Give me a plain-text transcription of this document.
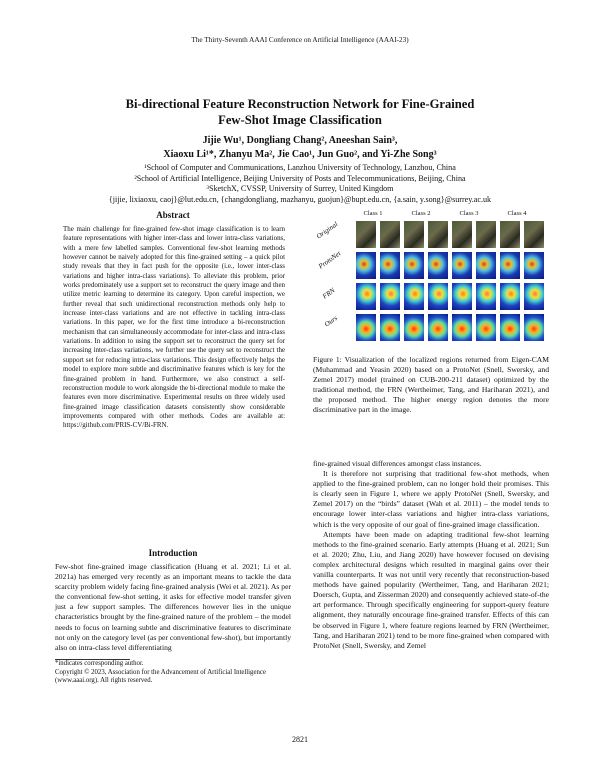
The Thirty-Seventh AAAI Conference on Artificial Intelligence (AAAI-23)
Bi-directional Feature Reconstruction Network for Fine-Grained
Few-Shot Image Classification
Jijie Wu¹, Dongliang Chang², Aneeshan Sain³,
Xiaoxu Li¹*, Zhanyu Ma², Jie Cao¹, Jun Guo², and Yi-Zhe Song³
¹School of Computer and Communications, Lanzhou University of Technology, Lanzhou, China
²School of Artificial Intelligence, Beijing University of Posts and Telecommunications, Beijing, China
³SketchX, CVSSP, University of Surrey, United Kingdom
{jijie, lixiaoxu, caoj}@lut.edu.cn, {changdongliang, mazhanyu, guojun}@bupt.edu.cn, {a.sain, y.song}@surrey.ac.uk
Abstract
The main challenge for fine-grained few-shot image classification is to learn feature representations with higher inter-class and lower intra-class variations, with a mere few labelled samples. Conventional few-shot learning methods however cannot be naively adopted for this fine-grained setting – a quick pilot study reveals that they in fact push for the opposite (i.e., lower inter-class variations and higher intra-class variations). To alleviate this problem, prior works predominately use a support set to reconstruct the query image and then utilize metric learning to determine its category. Upon careful inspection, we further reveal that such unidirectional reconstruction methods only help to increase inter-class variations and are not effective in tackling intra-class variations. In this paper, we for the first time introduce a bi-reconstruction mechanism that can simultaneously accommodate for inter-class and intra-class variations. In addition to using the support set to reconstruct the query set for increasing inter-class variations, we further use the query set to reconstruct the support set for reducing intra-class variations. This design effectively helps the model to explore more subtle and discriminative features which is key for the fine-grained problem in hand. Furthermore, we also construct a self-reconstruction module to work alongside the bi-directional module to make the features even more discriminative. Experimental results on three widely used fine-grained image classification datasets consistently show considerable improvements compared with other methods. Codes are available at: https://github.com/PRIS-CV/Bi-FRN.
Introduction

Few-shot fine-grained image classification (Huang et al. 2021; Li et al. 2021a) has emerged very recently as an important means to tackle the data scarcity problem widely facing fine-grained analysis (Wei et al. 2021). As per the conventional few-shot setting, it asks for effective model transfer given just a few support samples. The differences however lies in the unique characteristics brought by the fine-grained nature of the problem – the model needs to focus on learning subtle and discriminative features to discriminate not only on the category level (as per conventional few-shot), but importantly also on intra-class level differentiating

*indicates corresponding author.

Copyright © 2023, Association for the Advancement of Artificial Intelligence (www.aaai.org). All rights reserved.

Class 1	Class 2	Class 3	Class 4
Original
ProtoNet
FRN
Ours
Figure 1: Visualization of the localized regions returned from Eigen-CAM (Muhammad and Yeasin 2020) based on a ProtoNet (Snell, Swersky, and Zemel 2017) model (trained on CUB-200-211 dataset) optimized by the traditional method, the FRN (Wertheimer, Tang, and Hariharan 2021), and the proposed method. The higher energy region denotes the more discriminative part in the image.

fine-grained visual differences amongst class instances.

It is therefore not surprising that traditional few-shot methods, when applied to the fine-grained problem, can no longer hold their promises. This is clearly seen in Figure 1, where we apply ProtoNet (Snell, Swersky, and Zemel 2017) on the “birds” dataset (Wah et al. 2011) – the model tends to encourage lower inter-class variations and higher intra-class variations, which is the very opposite of our goal of fine-grained image classification.

Attempts have been made on adapting traditional few-shot learning methods to the fine-grained scenario. Early attempts (Huang et al. 2021; Sun et al. 2020; Zhu, Liu, and Jiang 2020) have however focused on devising complex architectural designs which resulted in marginal gains over their vanilla counterparts. It was not until very recently that reconstruction-based methods have gained popularity (Wertheimer, Tang, and Hariharan 2021; Doersch, Gupta, and Zisserman 2020) and consequently achieved state-of-the art performance. Through specifically engineering for support-query feature alignment, they naturally encourage fine-grained transfer. Effects of this can be observed in Figure 1, where feature regions learned by FRN (Wertheimer, Tang, and Hariharan 2021) tend to be more fine-grained when compared with ProtoNet (Snell, Swersky, and Zemel

2821
